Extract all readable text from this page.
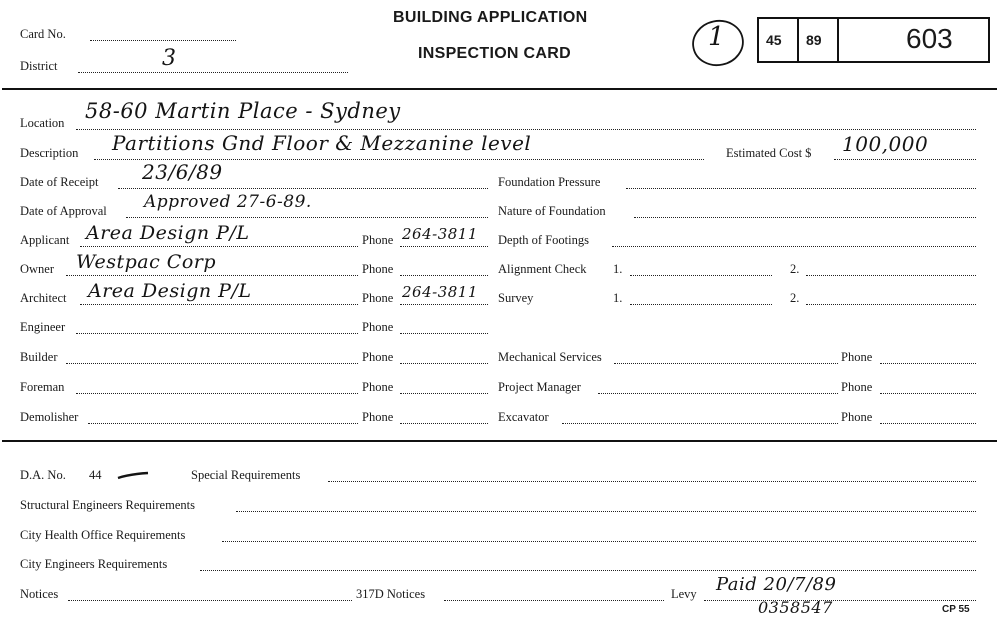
Card No.
District	3
BUILDING APPLICATION
INSPECTION CARD
1	45 89	603
Location 58-60 Martin Place - Sydney
Description Partitions Gnd Floor & Mezzanine level	Estimated Cost $ 100,000
Date of Receipt 23/6/89
Date of Approval Approved 27-6-89.
Applicant Area Design P/L	Phone 264-3811
Owner Westpac Corp	Phone
Architect Area Design P/L	Phone 264-3811
Engineer	Phone
Builder	Phone
Foreman	Phone
Demolisher	Phone
Foundation Pressure
Nature of Foundation
Depth of Footings
Alignment Check 1.	2.
Survey	1.	2.
Mechanical Services	Phone
Project Manager	Phone
Excavator	Phone
D.A. No. 44	Special Requirements
Structural Engineers Requirements
City Health Office Requirements
City Engineers Requirements
Notices	317D Notices	Levy Paid 20/7/89
0358547	CP 55
